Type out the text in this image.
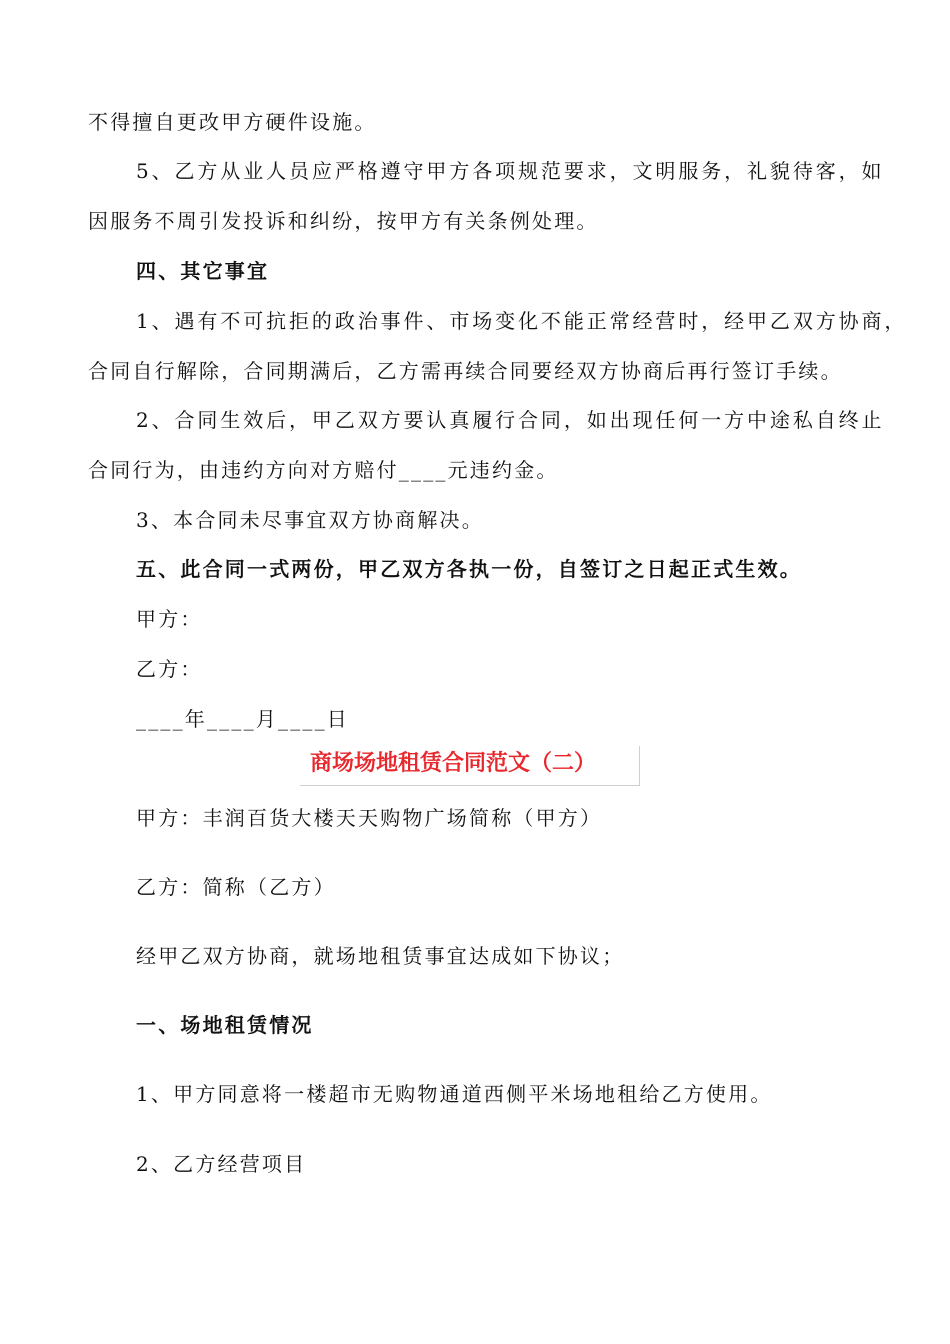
不得擅自更改甲方硬件设施。
5、乙方从业人员应严格遵守甲方各项规范要求，文明服务，礼貌待客，如
因服务不周引发投诉和纠纷，按甲方有关条例处理。
四、其它事宜
1、遇有不可抗拒的政治事件、市场变化不能正常经营时，经甲乙双方协商，
合同自行解除，合同期满后，乙方需再续合同要经双方协商后再行签订手续。
2、合同生效后，甲乙双方要认真履行合同，如出现任何一方中途私自终止
合同行为，由违约方向对方赔付____元违约金。
3、本合同未尽事宜双方协商解决。
五、此合同一式两份，甲乙双方各执一份，自签订之日起正式生效。
甲方：
乙方：
____年____月____日
商场场地租赁合同范文（二）
甲方：丰润百货大楼天天购物广场简称（甲方）
乙方：简称（乙方）
经甲乙双方协商，就场地租赁事宜达成如下协议；
一、场地租赁情况
1、甲方同意将一楼超市无购物通道西侧平米场地租给乙方使用。
2、乙方经营项目
